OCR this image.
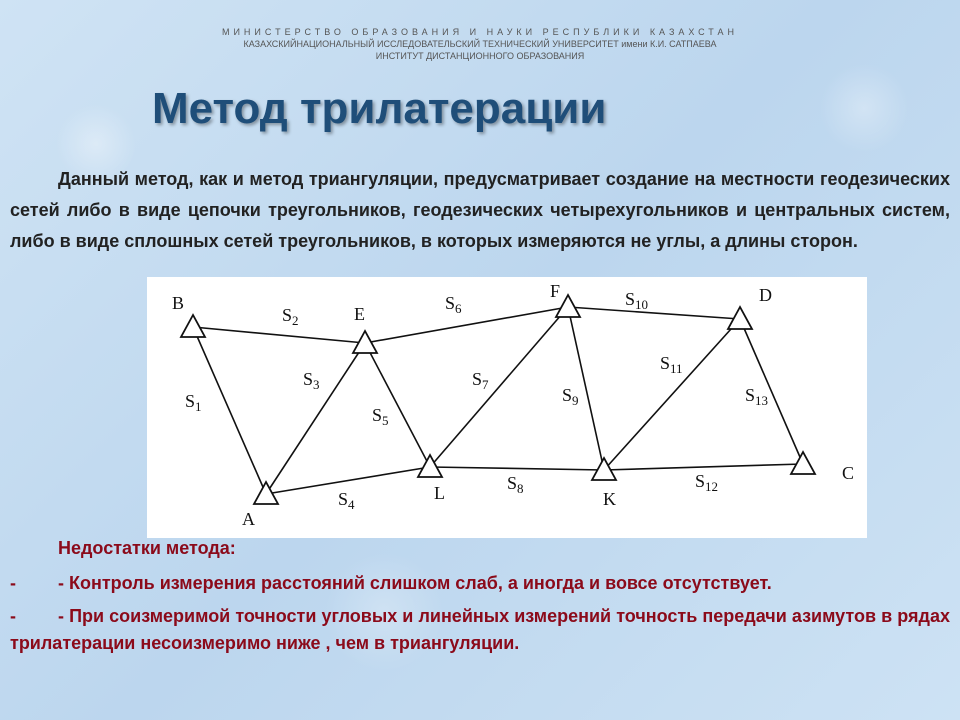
МИНИСТЕРСТВО ОБРАЗОВАНИЯ И НАУКИ РЕСПУБЛИКИ КАЗАХСТАН
КАЗАХСКИЙНАЦИОНАЛЬНЫЙ ИССЛЕДОВАТЕЛЬСКИЙ ТЕХНИЧЕСКИЙ УНИВЕРСИТЕТ имени К.И. САТПАЕВА
ИНСТИТУТ ДИСТАНЦИОННОГО ОБРАЗОВАНИЯ
Метод трилатерации

Данный метод, как и метод триангуляции, предусматривает создание на местности геодезических сетей либо в виде цепочки треугольников, геодезических четырехугольников и центральных систем, либо в виде сплошных сетей треугольников, в которых измеряются не углы, а длины сторон.

$S_1$
$S_2$
$S_3$
$S_4$
$S_5$
$S_6$
$S_7$
$S_8$
$S_9$
$S_{10}$
$S_{11}$
$S_{12}$
$S_{13}$
A
B
C
D
E
F
K
L
Недостатки метода:
-	- Контроль измерения расстояний слишком слаб, а иногда и вовсе отсутствует.
-	- При соизмеримой точности угловых и линейных измерений точность передачи азимутов в рядах трилатерации несоизмеримо ниже , чем в триангуляции.
